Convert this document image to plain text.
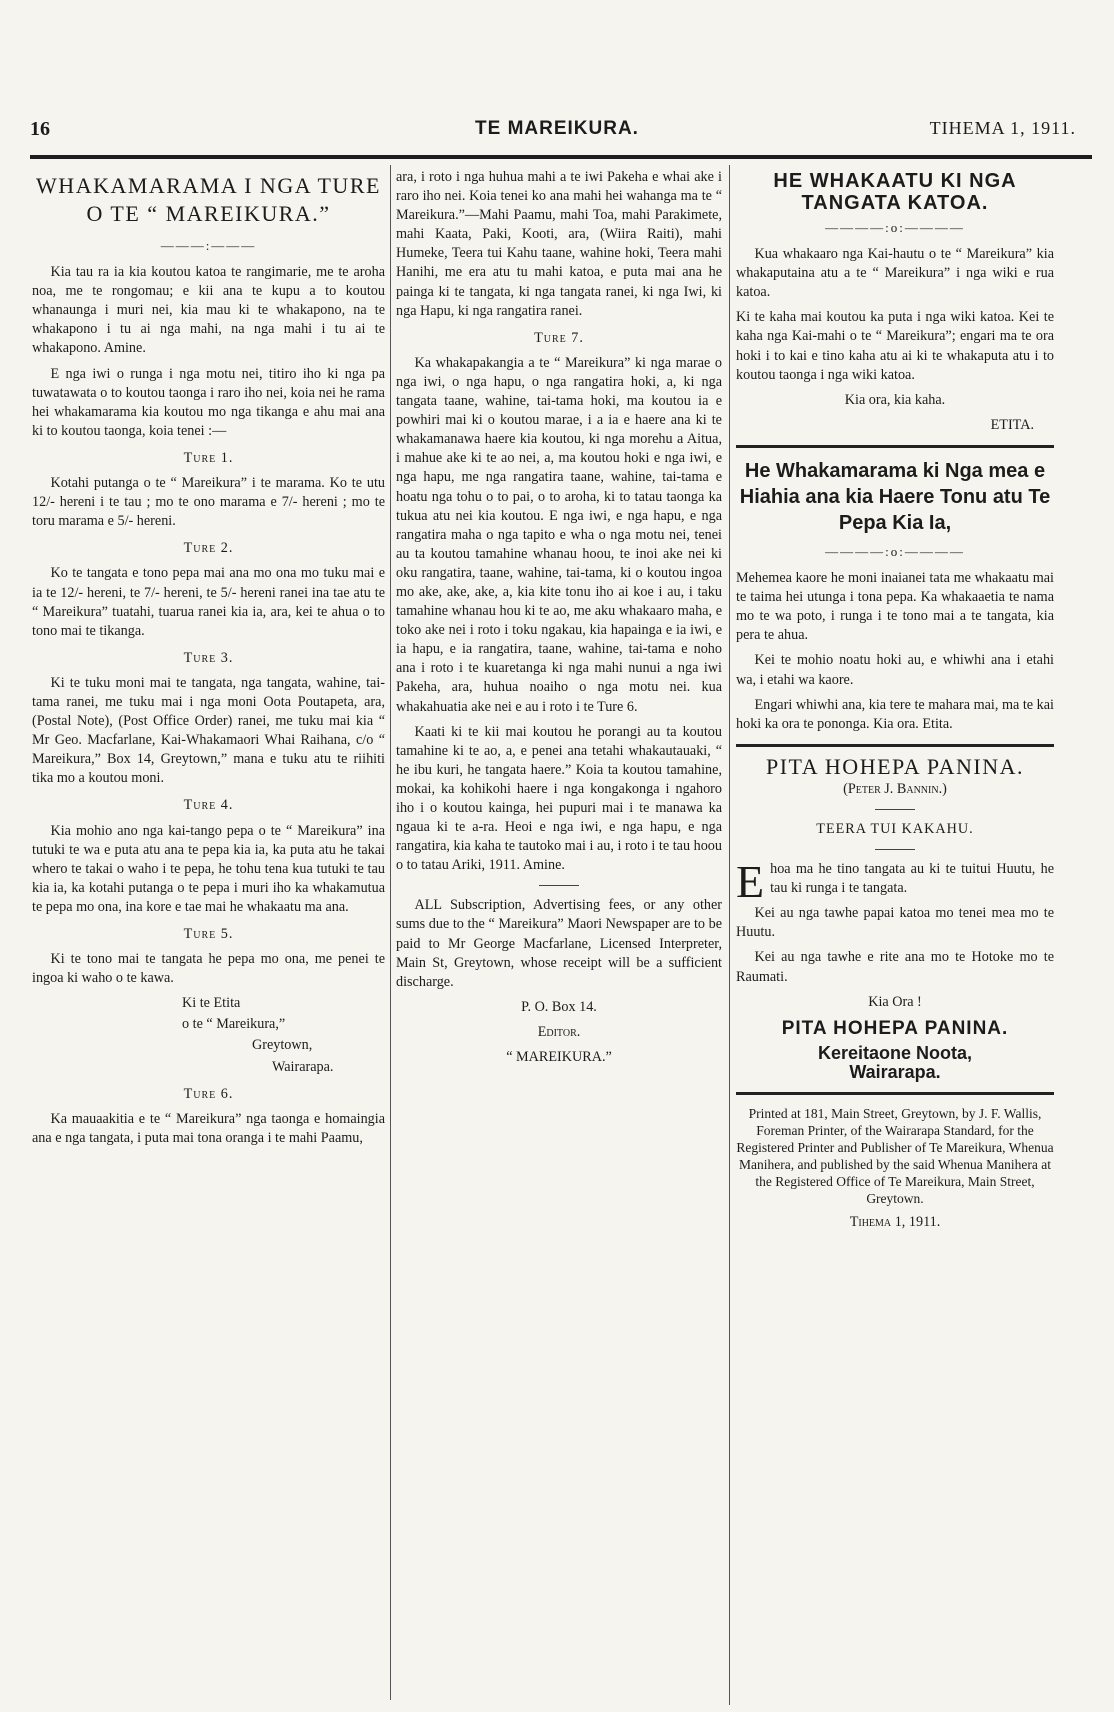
16	TE MAREIKURA.	TIHEMA 1, 1911.
WHAKAMARAMA I NGA TURE O TE “ MAREIKURA.”
———:———

Kia tau ra ia kia koutou katoa te rangimarie, me te aroha noa, me te rongomau; e kii ana te kupu a to koutou whanaunga i muri nei, kia mau ki te whakapono, na te whakapono i tu ai nga mahi, na nga mahi i tu ai te whakapono. Amine.

E nga iwi o runga i nga motu nei, titiro iho ki nga pa tuwatawata o to koutou taonga i raro iho nei, koia nei he rama hei whakamarama kia koutou mo nga tikanga e ahu mai ana ki to koutou taonga, koia tenei :—

Ture 1.

Kotahi putanga o te “ Mareikura” i te marama. Ko te utu 12/- hereni i te tau ; mo te ono marama e 7/- hereni ; mo te toru marama e 5/- hereni.

Ture 2.

Ko te tangata e tono pepa mai ana mo ona mo tuku mai e ia te 12/- hereni, te 7/- hereni, te 5/- hereni ranei ina tae atu te “ Mareikura” tuatahi, tuarua ranei kia ia, ara, kei te ahua o to tono mai te tikanga.

Ture 3.

Ki te tuku moni mai te tangata, nga tangata, wahine, tai-tama ranei, me tuku mai i nga moni Oota Poutapeta, ara, (Postal Note), (Post Office Order) ranei, me tuku mai kia “ Mr Geo. Macfarlane, Kai-Whakamaori Whai Raihana, c/o “ Mareikura,” Box 14, Greytown,” mana e tuku atu te riihiti tika mo a koutou moni.

Ture 4.

Kia mohio ano nga kai-tango pepa o te “ Mareikura” ina tutuki te wa e puta atu ana te pepa kia ia, ka puta atu he takai whero te takai o waho i te pepa, he tohu tena kua tutuki te tau kia ia, ka kotahi putanga o te pepa i muri iho ka whakamutua te pepa mo ona, ina kore e tae mai he whakaatu ma ana.

Ture 5.

Ki te tono mai te tangata he pepa mo ona, me penei te ingoa ki waho o te kawa.

Ki te Etita

o te “ Mareikura,”

Greytown,

Wairarapa.

Ture 6.

Ka mauaakitia e te “ Mareikura” nga taonga e homaingia ana e nga tangata, i puta mai tona oranga i te mahi Paamu,

ara, i roto i nga huhua mahi a te iwi Pakeha e whai ake i raro iho nei. Koia tenei ko ana mahi hei wahanga ma te “ Mareikura.”—Mahi Paamu, mahi Toa, mahi Parakimete, mahi Kaata, Paki, Kooti, ara, (Wiira Raiti), mahi Humeke, Teera tui Kahu taane, wahine hoki, Teera mahi Hanihi, me era atu tu mahi katoa, e puta mai ana he painga ki te tangata, ki nga tangata ranei, ki nga Iwi, ki nga Hapu, ki nga rangatira ranei.

Ture 7.

Ka whakapakangia a te “ Mareikura” ki nga marae o nga iwi, o nga hapu, o nga rangatira hoki, a, ki nga tangata taane, wahine, tai-tama hoki, ma koutou ia e powhiri mai ki o koutou marae, i a ia e haere ana ki te whakamanawa haere kia koutou, ki nga morehu a Aitua, i mahue ake ki te ao nei, a, ma koutou hoki e nga iwi, e nga hapu, me nga rangatira taane, wahine, tai-tama e hoatu nga tohu o to pai, o to aroha, ki to tatau taonga ka tukua atu nei kia koutou. E nga iwi, e nga hapu, e nga rangatira maha o nga tapito e wha o nga motu nei, tenei au ta koutou tamahine whanau hoou, te inoi ake nei ki oku rangatira, taane, wahine, tai-tama, ki o koutou ingoa mo ake, ake, ake, a, kia kite tonu iho ai koe i au, i taku tamahine whanau hou ki te ao, me aku whakaaro maha, e toko ake nei i roto i toku ngakau, kia hapainga e ia iwi, e ia hapu, e ia rangatira, taane, wahine, tai-tama e noho ana i roto i te kuaretanga ki nga mahi nunui a nga iwi Pakeha, ara, huhua noaiho o nga motu nei. kua whakahuatia ake nei e au i roto i te Ture 6.

Kaati ki te kii mai koutou he porangi au ta koutou tamahine ki te ao, a, e penei ana tetahi whakautauaki, “ he ibu kuri, he tangata haere.” Koia ta koutou tamahine, mokai, ka kohikohi haere i nga kongakonga i ngahoro iho i o koutou kainga, hei pupuri mai i te manawa ka ngaua ki te a-ra. Heoi e nga iwi, e nga hapu, e nga rangatira, kia kaha te tautoko mai i au, i roto i te tau hoou o to tatau Ariki, 1911. Amine.

ALL Subscription, Advertising fees, or any other sums due to the “ Mareikura” Maori Newspaper are to be paid to Mr George Macfarlane, Licensed Interpreter, Main St, Greytown, whose receipt will be a sufficient discharge.

P. O. Box 14.

Editor.

“ MAREIKURA.”

HE WHAKAATU KI NGA TANGATA KATOA.
————:o:————

Kua whakaaro nga Kai-hautu o te “ Mareikura” kia whakaputaina atu a te “ Mareikura” i nga wiki e rua katoa.

Ki te kaha mai koutou ka puta i nga wiki katoa. Kei te kaha nga Kai-mahi o te “ Mareikura”; engari ma te ora hoki i to kai e tino kaha atu ai ki te whakaputa atu i to koutou taonga i nga wiki katoa.

Kia ora, kia kaha.

ETITA.

He Whakamarama ki Nga mea e Hiahia ana kia Haere Tonu atu Te Pepa Kia Ia,
————:o:————

Mehemea kaore he moni inaianei tata me whakaatu mai te taima hei utunga i tona pepa. Ka whakaaetia te nama mo te wa poto, i runga i te tono mai a te tangata, kia pera te ahua.

Kei te mohio noatu hoki au, e whiwhi ana i etahi wa, i etahi wa kaore.

Engari whiwhi ana, kia tere te mahara mai, ma te kai hoki ka ora te pononga. Kia ora. Etita.

PITA HOHEPA PANINA.

(Peter J. Bannin.)

TEERA TUI KAKAHU.

Ehoa ma he tino tangata au ki te tuitui Huutu, he tau ki runga i te tangata.

Kei au nga tawhe papai katoa mo tenei mea mo te Huutu.

Kei au nga tawhe e rite ana mo te Hotoke mo te Raumati.

Kia Ora !

PITA HOHEPA PANINA.
Kereitaone Noota,
Wairarapa.

Printed at 181, Main Street, Greytown, by J. F. Wallis, Foreman Printer, of the Wairarapa Standard, for the Registered Printer and Publisher of Te Mareikura, Whenua Manihera, and published by the said Whenua Manihera at the Registered Office of Te Mareikura, Main Street, Greytown.

Tihema 1, 1911.
